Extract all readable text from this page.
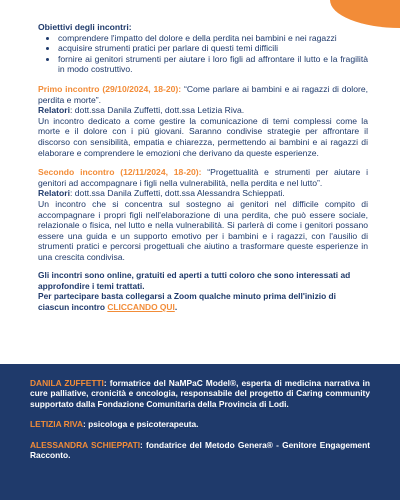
Obiettivi degli incontri:

• comprendere l'impatto del dolore e della perdita nei bambini e nei ragazzi
• acquisire strumenti pratici per parlare di questi temi difficili
• fornire ai genitori strumenti per aiutare i loro figli ad affrontare il lutto e la fragilità in modo costruttivo.
Primo incontro (29/10/2024, 18-20): “Come parlare ai bambini e ai ragazzi di dolore, perdita e morte”.
Relatori: dott.ssa Danila Zuffetti, dott.ssa Letizia Riva.
Un incontro dedicato a come gestire la comunicazione di temi complessi come la morte e il dolore con i più giovani. Saranno condivise strategie per affrontare il discorso con sensibilità, empatia e chiarezza, permettendo ai bambini e ai ragazzi di elaborare e comprendere le emozioni che derivano da queste esperienze.
Secondo incontro (12/11/2024, 18-20): “Progettualità e strumenti per aiutare i genitori ad accompagnare i figli nella vulnerabilità, nella perdita e nel lutto”.
Relatori: dott.ssa Danila Zuffetti, dott.ssa Alessandra Schieppati.
Un incontro che si concentra sul sostegno ai genitori nel difficile compito di accompagnare i propri figli nell'elaborazione di una perdita, che può essere sociale, relazionale o fisica, nel lutto e nella vulnerabilità. Si parlerà di come i genitori possano essere una guida e un supporto emotivo per i bambini e i ragazzi, con l'ausilio di strumenti pratici e percorsi progettuali che aiutino a trasformare queste esperienze in una crescita condivisa.
Gli incontri sono online, gratuiti ed aperti a tutti coloro che sono interessati ad approfondire i temi trattati.
Per partecipare basta collegarsi a Zoom qualche minuto prima dell'inizio di ciascun incontro CLICCANDO QUI.
DANILA ZUFFETTI: formatrice del NaMPaC Model®, esperta di medicina narrativa in cure palliative, cronicità e oncologia, responsabile del progetto di Caring community supportato dalla Fondazione Comunitaria della Provincia di Lodi.
LETIZIA RIVA: psicologa e psicoterapeuta.
ALESSANDRA SCHIEPPATI: fondatrice del Metodo Genera® - Genitore Engagement Racconto.
